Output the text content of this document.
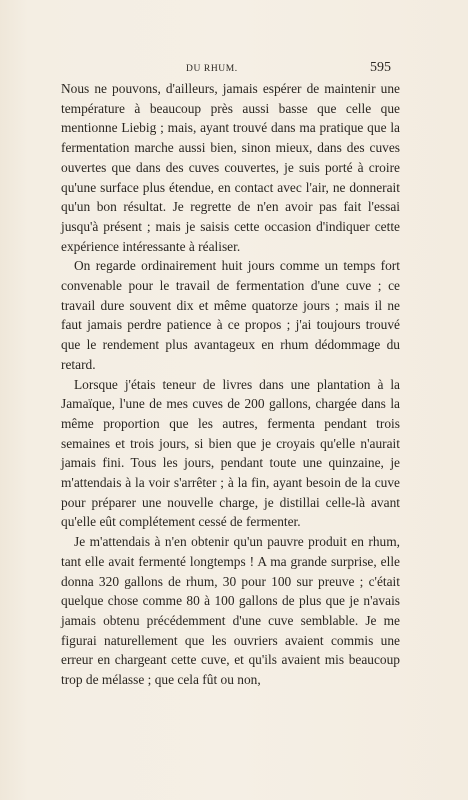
DU RHUM.	595

Nous ne pouvons, d'ailleurs, jamais espérer de maintenir une température à beaucoup près aussi basse que celle que mentionne Liebig ; mais, ayant trouvé dans ma pratique que la fermentation marche aussi bien, sinon mieux, dans des cuves ouvertes que dans des cuves couvertes, je suis porté à croire qu'une surface plus étendue, en contact avec l'air, ne donnerait qu'un bon résultat. Je regrette de n'en avoir pas fait l'essai jusqu'à présent ; mais je saisis cette occasion d'indiquer cette expérience intéressante à réaliser.

On regarde ordinairement huit jours comme un temps fort convenable pour le travail de fermentation d'une cuve ; ce travail dure souvent dix et même quatorze jours ; mais il ne faut jamais perdre patience à ce propos ; j'ai toujours trouvé que le rendement plus avantageux en rhum dédommage du retard.

Lorsque j'étais teneur de livres dans une plantation à la Jamaïque, l'une de mes cuves de 200 gallons, chargée dans la même proportion que les autres, fermenta pendant trois semaines et trois jours, si bien que je croyais qu'elle n'aurait jamais fini. Tous les jours, pendant toute une quinzaine, je m'attendais à la voir s'arrêter ; à la fin, ayant besoin de la cuve pour préparer une nouvelle charge, je distillai celle-là avant qu'elle eût complétement cessé de fermenter.

Je m'attendais à n'en obtenir qu'un pauvre produit en rhum, tant elle avait fermenté longtemps ! A ma grande surprise, elle donna 320 gallons de rhum, 30 pour 100 sur preuve ; c'était quelque chose comme 80 à 100 gallons de plus que je n'avais jamais obtenu précédemment d'une cuve semblable. Je me figurai naturellement que les ouvriers avaient commis une erreur en chargeant cette cuve, et qu'ils avaient mis beaucoup trop de mélasse ; que cela fût ou non,
